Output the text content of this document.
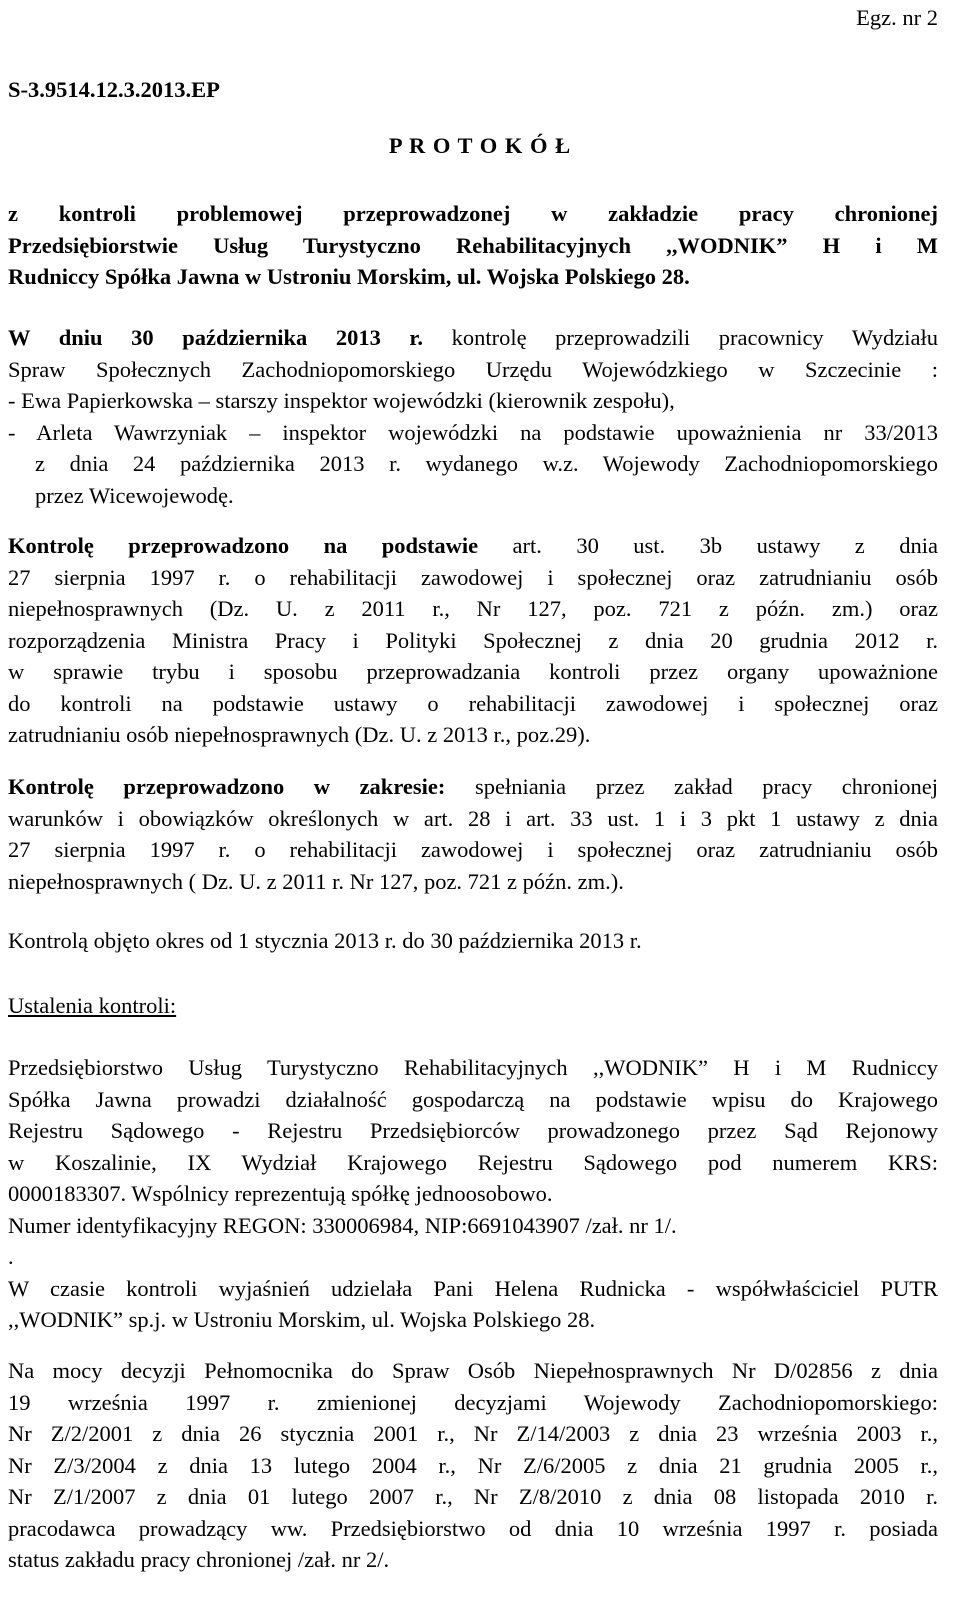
Egz. nr 2
S-3.9514.12.3.2013.EP
P R O T O K Ó Ł
z kontroli problemowej przeprowadzonej w zakładzie pracy chronionej
Przedsiębiorstwie Usług Turystyczno Rehabilitacyjnych ,,WODNIK” H i M
Rudniccy Spółka Jawna w Ustroniu Morskim, ul. Wojska Polskiego 28.
W dniu 30 października 2013 r. kontrolę przeprowadzili pracownicy Wydziału
Spraw Społecznych Zachodniopomorskiego Urzędu Wojewódzkiego w Szczecinie :
- Ewa Papierkowska – starszy inspektor wojewódzki (kierownik zespołu),
- Arleta Wawrzyniak – inspektor wojewódzki na podstawie upoważnienia nr 33/2013
z dnia 24 października 2013 r. wydanego w.z. Wojewody Zachodniopomorskiego
przez Wicewojewodę.
Kontrolę przeprowadzono na podstawie art. 30 ust. 3b ustawy z dnia
27 sierpnia 1997 r. o rehabilitacji zawodowej i społecznej oraz zatrudnianiu osób
niepełnosprawnych (Dz. U. z 2011 r., Nr 127, poz. 721 z późn. zm.) oraz
rozporządzenia Ministra Pracy i Polityki Społecznej z dnia 20 grudnia 2012 r.
w sprawie trybu i sposobu przeprowadzania kontroli przez organy upoważnione
do kontroli na podstawie ustawy o rehabilitacji zawodowej i społecznej oraz
zatrudnianiu osób niepełnosprawnych (Dz. U. z 2013 r., poz.29).
Kontrolę przeprowadzono w zakresie: spełniania przez zakład pracy chronionej
warunków i obowiązków określonych w art. 28 i art. 33 ust. 1 i 3 pkt 1 ustawy z dnia
27 sierpnia 1997 r. o rehabilitacji zawodowej i społecznej oraz zatrudnianiu osób
niepełnosprawnych ( Dz. U. z 2011 r. Nr 127, poz. 721 z późn. zm.).
Kontrolą objęto okres od 1 stycznia 2013 r. do 30 października 2013 r.
Ustalenia kontroli:
Przedsiębiorstwo Usług Turystyczno Rehabilitacyjnych ,,WODNIK” H i M Rudniccy
Spółka Jawna prowadzi działalność gospodarczą na podstawie wpisu do Krajowego
Rejestru Sądowego - Rejestru Przedsiębiorców prowadzonego przez Sąd Rejonowy
w Koszalinie, IX Wydział Krajowego Rejestru Sądowego pod numerem KRS:
0000183307. Wspólnicy reprezentują spółkę jednoosobowo.
Numer identyfikacyjny REGON: 330006984, NIP:6691043907 /zał. nr 1/.
.
W czasie kontroli wyjaśnień udzielała Pani Helena Rudnicka - współwłaściciel PUTR
,,WODNIK” sp.j. w Ustroniu Morskim, ul. Wojska Polskiego 28.
Na mocy decyzji Pełnomocnika do Spraw Osób Niepełnosprawnych Nr D/02856 z dnia
19 września 1997 r. zmienionej decyzjami Wojewody Zachodniopomorskiego:
Nr Z/2/2001 z dnia 26 stycznia 2001 r., Nr Z/14/2003 z dnia 23 września 2003 r.,
Nr Z/3/2004 z dnia 13 lutego 2004 r., Nr Z/6/2005 z dnia 21 grudnia 2005 r.,
Nr Z/1/2007 z dnia 01 lutego 2007 r., Nr Z/8/2010 z dnia 08 listopada 2010 r.
pracodawca prowadzący ww. Przedsiębiorstwo od dnia 10 września 1997 r. posiada
status zakładu pracy chronionej /zał. nr 2/.
